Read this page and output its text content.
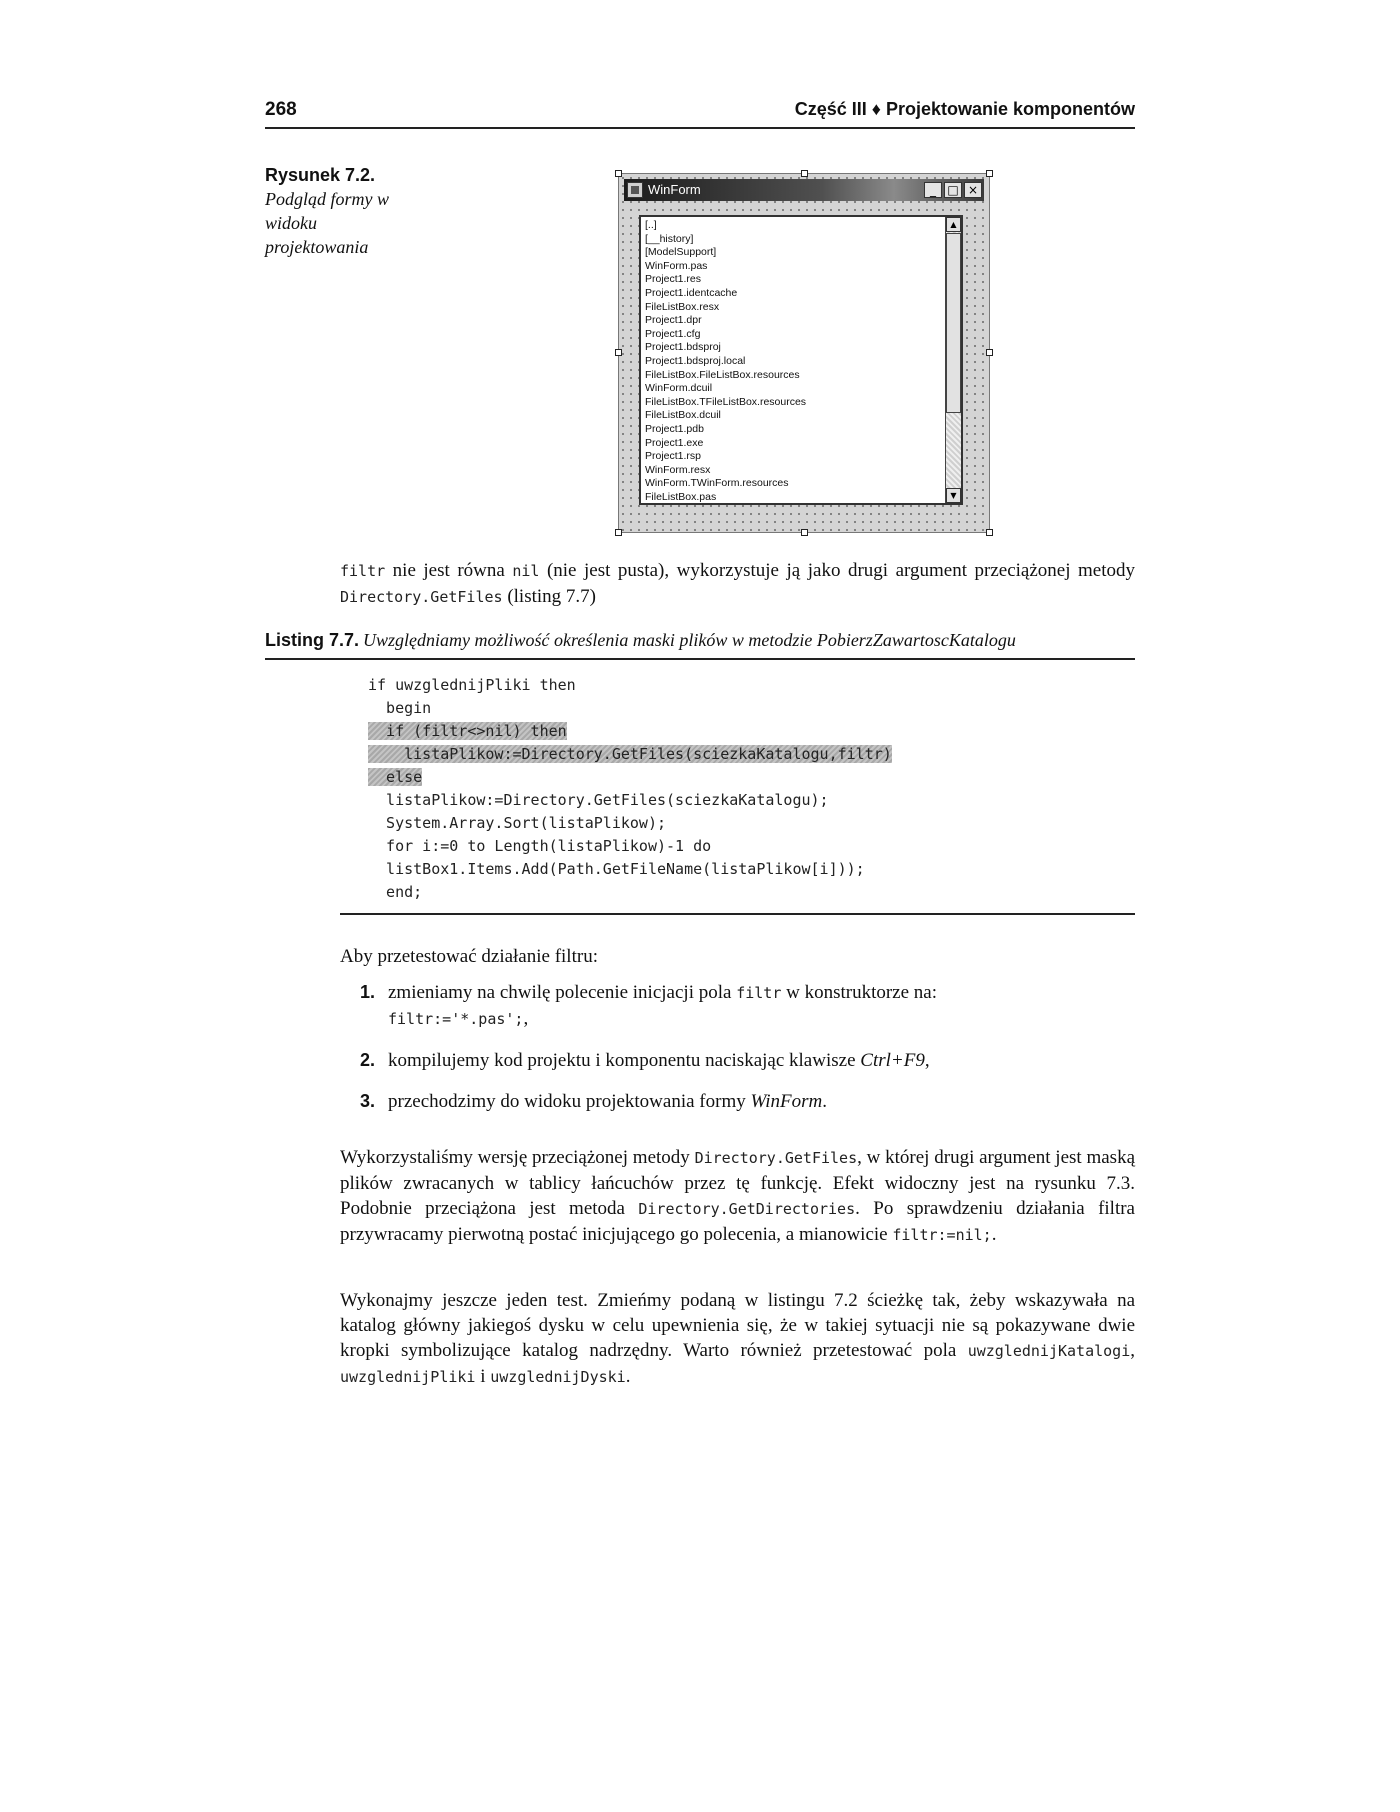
268	Część III ♦ Projektowanie komponentów
Rysunek 7.2.
Podgląd formy w widoku projektowania
WinForm	_ □ ×
[..]
[__history]
[ModelSupport]
WinForm.pas
Project1.res
Project1.identcache
FileListBox.resx
Project1.dpr
Project1.cfg
Project1.bdsproj
Project1.bdsproj.local
FileListBox.FileListBox.resources
WinForm.dcuil
FileListBox.TFileListBox.resources
FileListBox.dcuil
Project1.pdb
Project1.exe
Project1.rsp
WinForm.resx
WinForm.TWinForm.resources
FileListBox.pas
▲
▼

filtr nie jest równa nil (nie jest pusta), wykorzystuje ją jako drugi argument przeciążonej metody Directory.GetFiles (listing 7.7)

Listing 7.7. Uwzględniamy możliwość określenia maski plików w metodzie PobierzZawartoscKatalogu
if uwzglednijPliki then
begin
if (filtr<>nil) then
listaPlikow:=Directory.GetFiles(sciezkaKatalogu,filtr)
else
listaPlikow:=Directory.GetFiles(sciezkaKatalogu);
System.Array.Sort(listaPlikow);
for i:=0 to Length(listaPlikow)-1 do
listBox1.Items.Add(Path.GetFileName(listaPlikow[i]));
end;

Aby przetestować działanie filtru:

1. zmieniamy na chwilę polecenie inicjacji pola filtr w konstruktorze na:
filtr:='*.pas';,
2. kompilujemy kod projektu i komponentu naciskając klawisze Ctrl+F9,
3. przechodzimy do widoku projektowania formy WinForm.

Wykorzystaliśmy wersję przeciążonej metody Directory.GetFiles, w której drugi argument jest maską plików zwracanych w tablicy łańcuchów przez tę funkcję. Efekt widoczny jest na rysunku 7.3. Podobnie przeciążona jest metoda Directory.GetDirectories. Po sprawdzeniu działania filtra przywracamy pierwotną postać inicjującego go polecenia, a mianowicie filtr:=nil;.

Wykonajmy jeszcze jeden test. Zmieńmy podaną w listingu 7.2 ścieżkę tak, żeby wskazywała na katalog główny jakiegoś dysku w celu upewnienia się, że w takiej sytuacji nie są pokazywane dwie kropki symbolizujące katalog nadrzędny. Warto również przetestować pola uwzglednijKatalogi, uwzglednijPliki i uwzglednijDyski.
